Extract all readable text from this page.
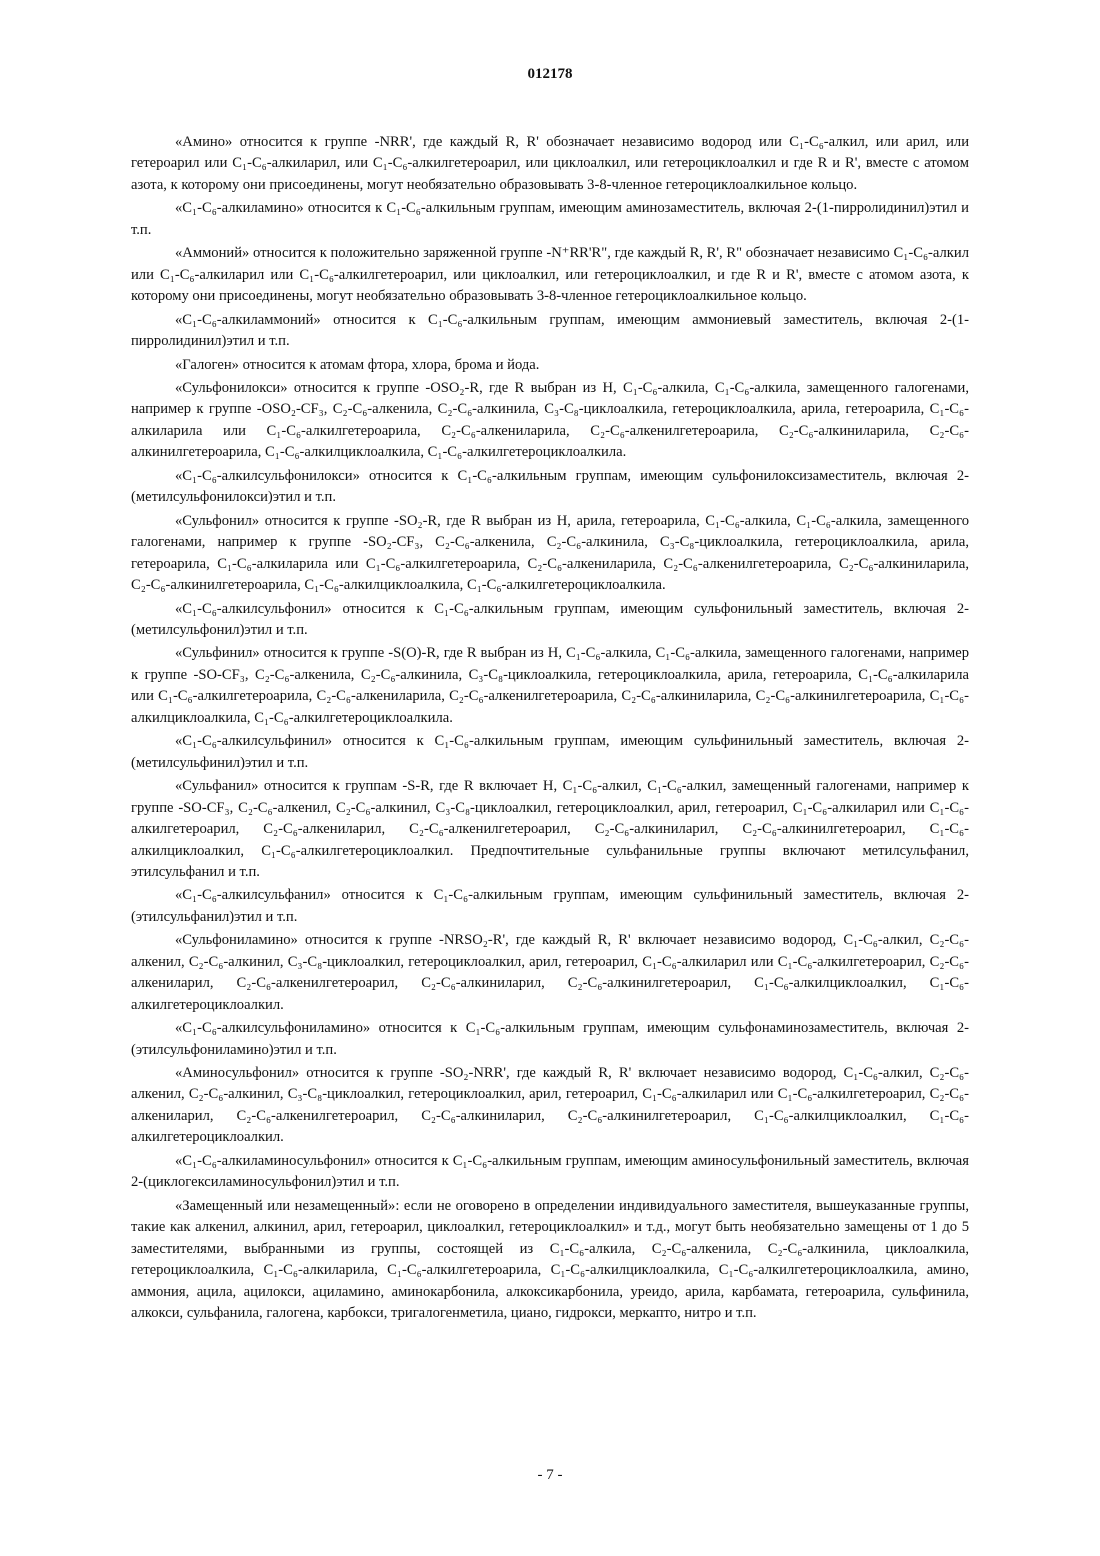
012178

«Амино» относится к группе -NRR', где каждый R, R' обозначает независимо водород или C₁-C₆-алкил, или арил, или гетероарил или C₁-C₆-алкиларил, или C₁-C₆-алкилгетероарил, или циклоалкил, или гетероциклоалкил и где R и R', вместе с атомом азота, к которому они присоединены, могут необязательно образовывать 3-8-членное гетероциклоалкильное кольцо.

«C₁-C₆-алкиламино» относится к C₁-C₆-алкильным группам, имеющим аминозаместитель, включая 2-(1-пирролидинил)этил и т.п.

«Аммоний» относится к положительно заряженной группе -N⁺RR'R", где каждый R, R', R" обозначает независимо C₁-C₆-алкил или C₁-C₆-алкиларил или C₁-C₆-алкилгетероарил, или циклоалкил, или гетероциклоалкил, и где R и R', вместе с атомом азота, к которому они присоединены, могут необязательно образовывать 3-8-членное гетероциклоалкильное кольцо.

«C₁-C₆-алкиламмоний» относится к C₁-C₆-алкильным группам, имеющим аммониевый заместитель, включая 2-(1-пирролидинил)этил и т.п.

«Галоген» относится к атомам фтора, хлора, брома и йода.

«Сульфонилокси» относится к группе -OSO₂-R, где R выбран из H, C₁-C₆-алкила, C₁-C₆-алкила, замещенного галогенами, например к группе -OSO₂-CF₃, C₂-C₆-алкенила, C₂-C₆-алкинила, C₃-C₈-циклоалкила, гетероциклоалкила, арила, гетероарила, C₁-C₆-алкиларила или C₁-C₆-алкилгетероарила, C₂-C₆-алкениларила, C₂-C₆-алкенилгетероарила, C₂-C₆-алкиниларила, C₂-C₆-алкинилгетероарила, C₁-C₆-алкилциклоалкила, C₁-C₆-алкилгетероциклоалкила.

«C₁-C₆-алкилсульфонилокси» относится к C₁-C₆-алкильным группам, имеющим сульфонилоксизаместитель, включая 2-(метилсульфонилокси)этил и т.п.

«Сульфонил» относится к группе -SO₂-R, где R выбран из H, арила, гетероарила, C₁-C₆-алкила, C₁-C₆-алкила, замещенного галогенами, например к группе -SO₂-CF₃, C₂-C₆-алкенила, C₂-C₆-алкинила, C₃-C₈-циклоалкила, гетероциклоалкила, арила, гетероарила, C₁-C₆-алкиларила или C₁-C₆-алкилгетероарила, C₂-C₆-алкениларила, C₂-C₆-алкенилгетероарила, C₂-C₆-алкиниларила, C₂-C₆-алкинилгетероарила, C₁-C₆-алкилциклоалкила, C₁-C₆-алкилгетероциклоалкила.

«C₁-C₆-алкилсульфонил» относится к C₁-C₆-алкильным группам, имеющим сульфонильный заместитель, включая 2-(метилсульфонил)этил и т.п.

«Сульфинил» относится к группе -S(O)-R, где R выбран из H, C₁-C₆-алкила, C₁-C₆-алкила, замещенного галогенами, например к группе -SO-CF₃, C₂-C₆-алкенила, C₂-C₆-алкинила, C₃-C₈-циклоалкила, гетероциклоалкила, арила, гетероарила, C₁-C₆-алкиларила или C₁-C₆-алкилгетероарила, C₂-C₆-алкениларила, C₂-C₆-алкенилгетероарила, C₂-C₆-алкиниларила, C₂-C₆-алкинилгетероарила, C₁-C₆-алкилциклоалкила, C₁-C₆-алкилгетероциклоалкила.

«C₁-C₆-алкилсульфинил» относится к C₁-C₆-алкильным группам, имеющим сульфинильный заместитель, включая 2-(метилсульфинил)этил и т.п.

«Сульфанил» относится к группам -S-R, где R включает H, C₁-C₆-алкил, C₁-C₆-алкил, замещенный галогенами, например к группе -SO-CF₃, C₂-C₆-алкенил, C₂-C₆-алкинил, C₃-C₈-циклоалкил, гетероциклоалкил, арил, гетероарил, C₁-C₆-алкиларил или C₁-C₆-алкилгетероарил, C₂-C₆-алкениларил, C₂-C₆-алкенилгетероарил, C₂-C₆-алкиниларил, C₂-C₆-алкинилгетероарил, C₁-C₆-алкилциклоалкил, C₁-C₆-алкилгетероциклоалкил. Предпочтительные сульфанильные группы включают метилсульфанил, этилсульфанил и т.п.

«C₁-C₆-алкилсульфанил» относится к C₁-C₆-алкильным группам, имеющим сульфинильный заместитель, включая 2-(этилсульфанил)этил и т.п.

«Сульфониламино» относится к группе -NRSO₂-R', где каждый R, R' включает независимо водород, C₁-C₆-алкил, C₂-C₆-алкенил, C₂-C₆-алкинил, C₃-C₈-циклоалкил, гетероциклоалкил, арил, гетероарил, C₁-C₆-алкиларил или C₁-C₆-алкилгетероарил, C₂-C₆-алкениларил, C₂-C₆-алкенилгетероарил, C₂-C₆-алкиниларил, C₂-C₆-алкинилгетероарил, C₁-C₆-алкилциклоалкил, C₁-C₆-алкилгетероциклоалкил.

«C₁-C₆-алкилсульфониламино» относится к C₁-C₆-алкильным группам, имеющим сульфонаминозаместитель, включая 2-(этилсульфониламино)этил и т.п.

«Аминосульфонил» относится к группе -SO₂-NRR', где каждый R, R' включает независимо водород, C₁-C₆-алкил, C₂-C₆-алкенил, C₂-C₆-алкинил, C₃-C₈-циклоалкил, гетероциклоалкил, арил, гетероарил, C₁-C₆-алкиларил или C₁-C₆-алкилгетероарил, C₂-C₆-алкениларил, C₂-C₆-алкенилгетероарил, C₂-C₆-алкиниларил, C₂-C₆-алкинилгетероарил, C₁-C₆-алкилциклоалкил, C₁-C₆-алкилгетероциклоалкил.

«C₁-C₆-алкиламиносульфонил» относится к C₁-C₆-алкильным группам, имеющим аминосульфонильный заместитель, включая 2-(циклогексиламиносульфонил)этил и т.п.

«Замещенный или незамещенный»: если не оговорено в определении индивидуального заместителя, вышеуказанные группы, такие как алкенил, алкинил, арил, гетероарил, циклоалкил, гетероциклоалкил» и т.д., могут быть необязательно замещены от 1 до 5 заместителями, выбранными из группы, состоящей из C₁-C₆-алкила, C₂-C₆-алкенила, C₂-C₆-алкинила, циклоалкила, гетероциклоалкила, C₁-C₆-алкиларила, C₁-C₆-алкилгетероарила, C₁-C₆-алкилциклоалкила, C₁-C₆-алкилгетероциклоалкила, амино, аммония, ацила, ацилокси, ациламино, аминокарбонила, алкоксикарбонила, уреидо, арила, карбамата, гетероарила, сульфинила, алкокси, сульфанила, галогена, карбокси, тригалогенметила, циано, гидрокси, меркапто, нитро и т.п.

- 7 -
